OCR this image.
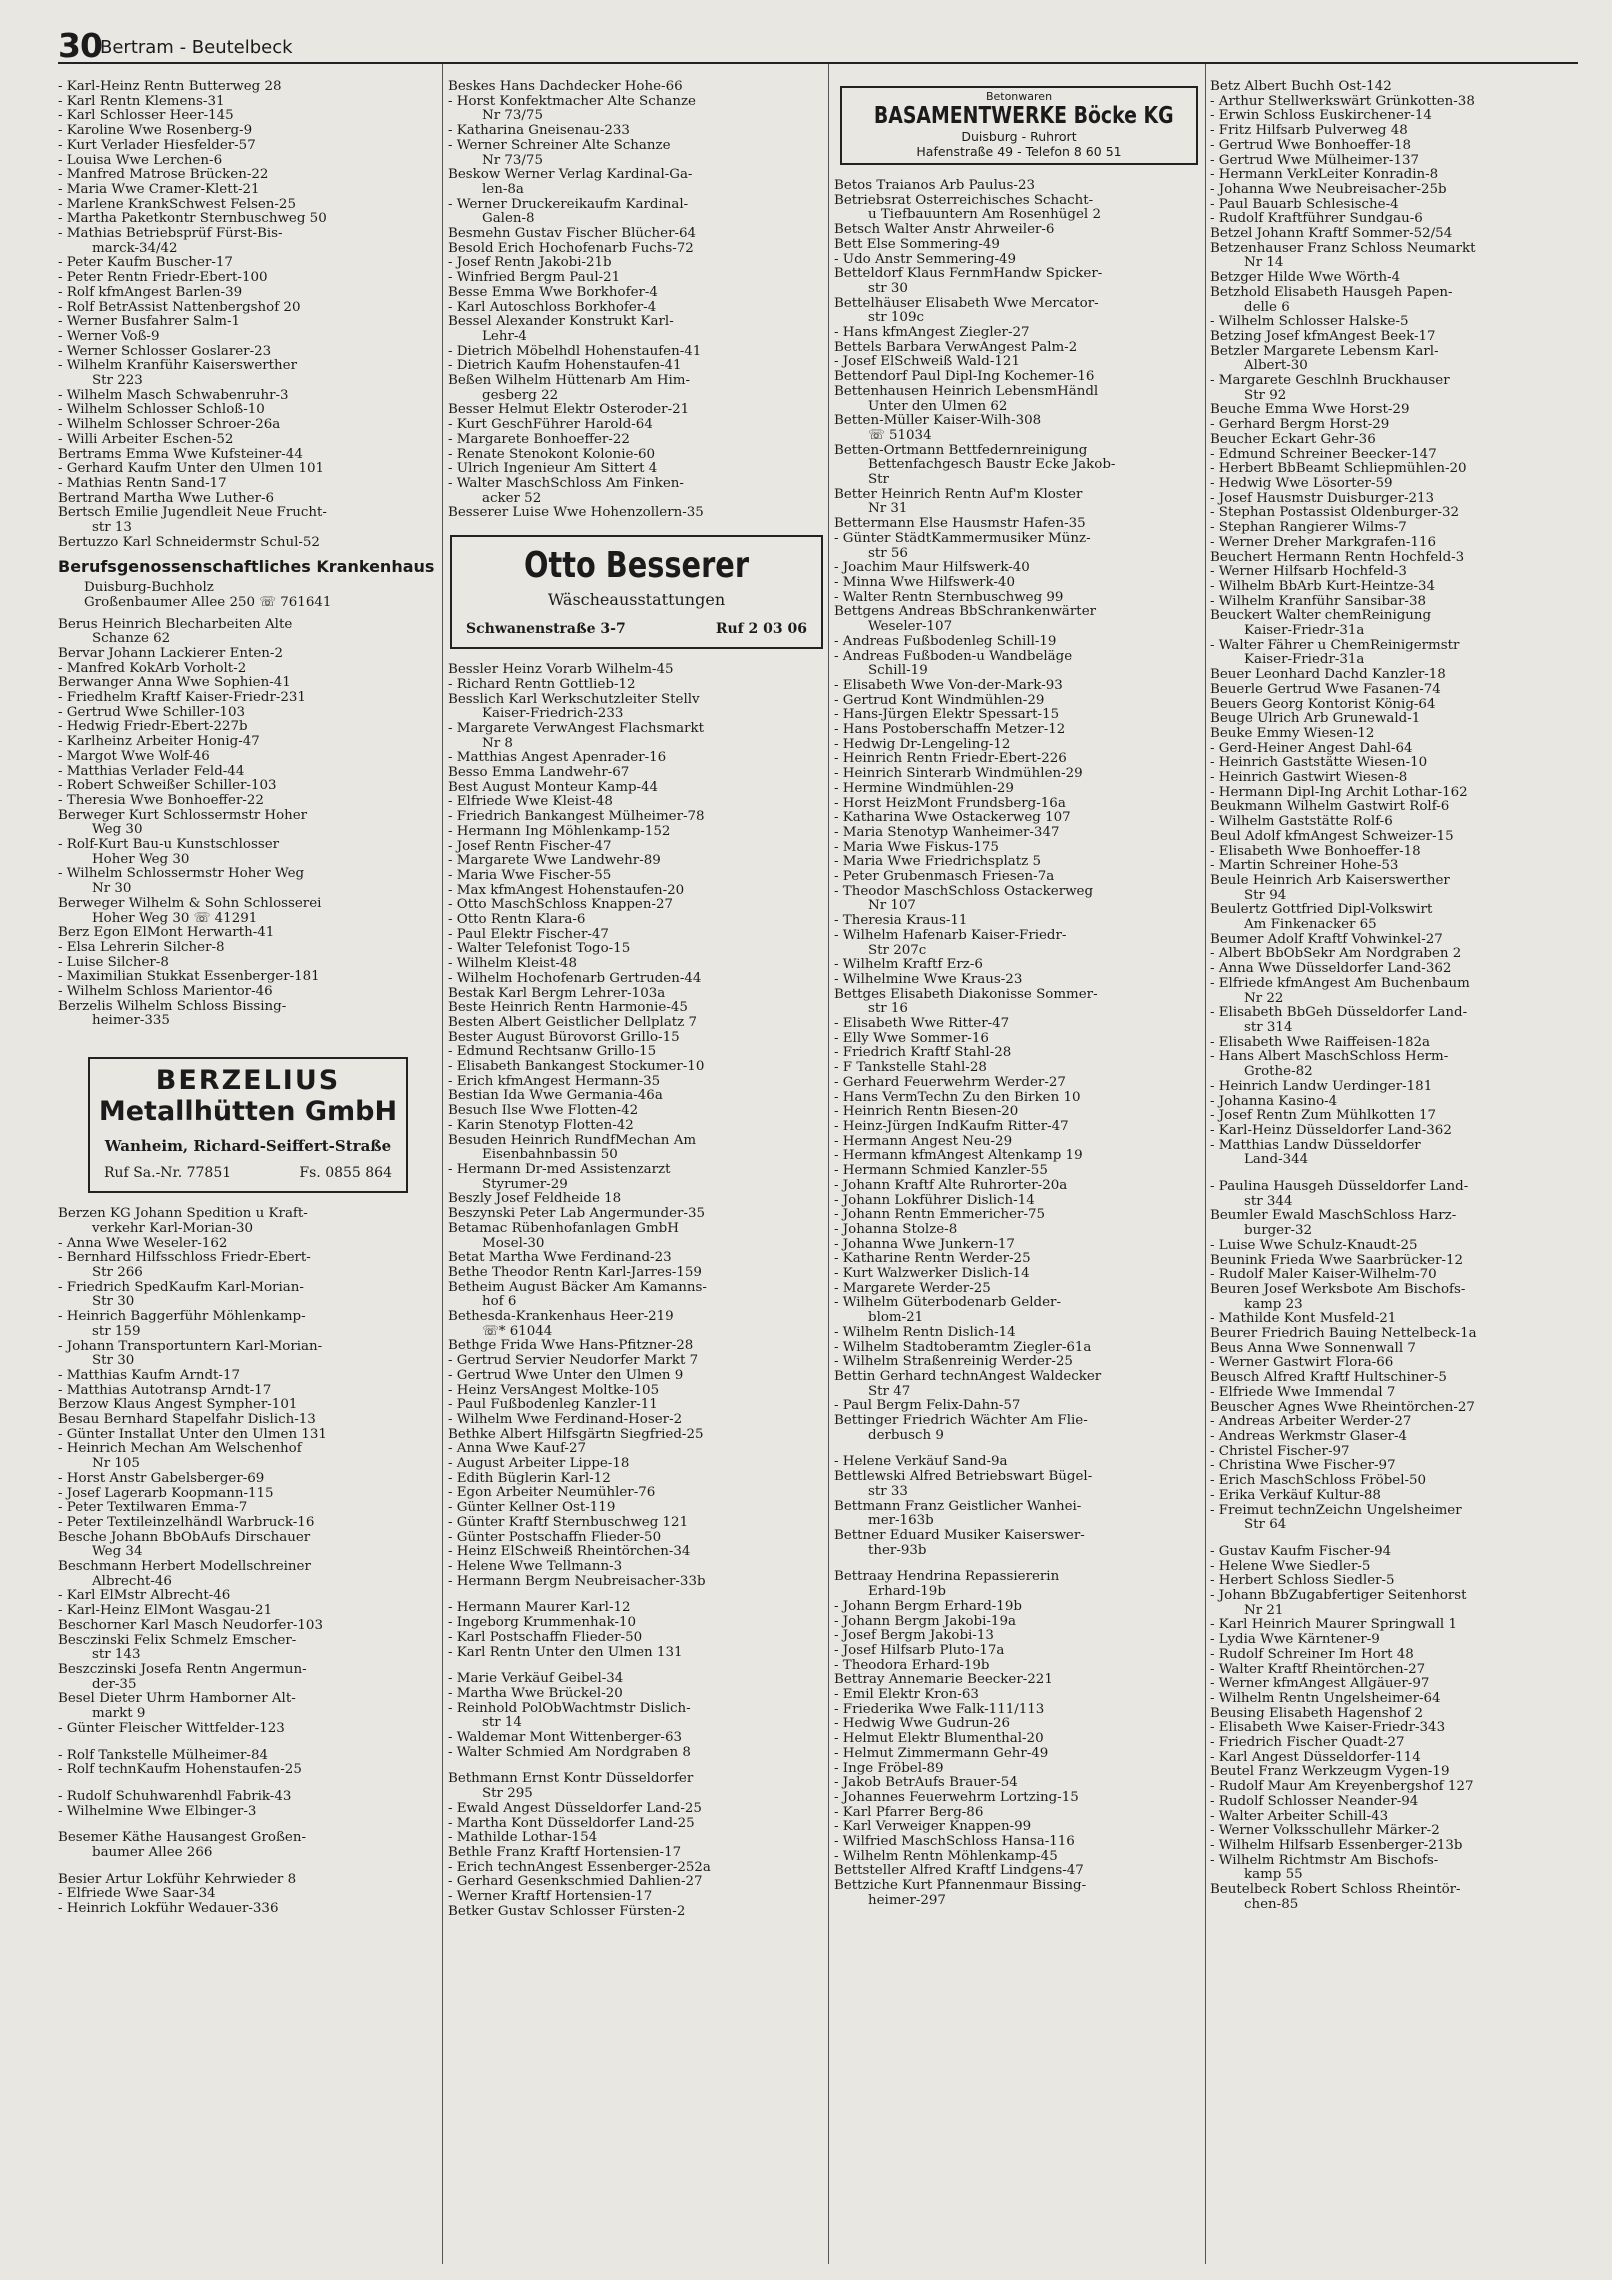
30
Bertram - Beutelbeck
- Karl-Heinz Rentn Butterweg 28
- Karl Rentn Klemens-31
- Karl Schlosser Heer-145
- Karoline Wwe Rosenberg-9
- Kurt Verlader Hiesfelder-57
- Louisa Wwe Lerchen-6
- Manfred Matrose Brücken-22
- Maria Wwe Cramer-Klett-21
- Marlene KrankSchwest Felsen-25
- Martha Paketkontr Sternbuschweg 50
- Mathias Betriebsprüf Fürst-Bis-
marck-34/42
- Peter Kaufm Buscher-17
- Peter Rentn Friedr-Ebert-100
- Rolf kfmAngest Barlen-39
- Rolf BetrAssist Nattenbergshof 20
- Werner Busfahrer Salm-1
- Werner Voß-9
- Werner Schlosser Goslarer-23
- Wilhelm Kranführ Kaiserswerther
Str 223
- Wilhelm Masch Schwabenruhr-3
- Wilhelm Schlosser Schloß-10
- Wilhelm Schlosser Schroer-26a
- Willi Arbeiter Eschen-52
Bertrams Emma Wwe Kufsteiner-44
- Gerhard Kaufm Unter den Ulmen 101
- Mathias Rentn Sand-17
Bertrand Martha Wwe Luther-6
Bertsch Emilie Jugendleit Neue Frucht-
str 13
Bertuzzo Karl Schneidermstr Schul-52
Berufsgenossenschaftliches Krankenhaus
Duisburg-Buchholz
Großenbaumer Allee 250 ☏ 761641
Berus Heinrich Blecharbeiten Alte
Schanze 62
Bervar Johann Lackierer Enten-2
- Manfred KokArb Vorholt-2
Berwanger Anna Wwe Sophien-41
- Friedhelm Kraftf Kaiser-Friedr-231
- Gertrud Wwe Schiller-103
- Hedwig Friedr-Ebert-227b
- Karlheinz Arbeiter Honig-47
- Margot Wwe Wolf-46
- Matthias Verlader Feld-44
- Robert Schweißer Schiller-103
- Theresia Wwe Bonhoeffer-22
Berweger Kurt Schlossermstr Hoher
Weg 30
- Rolf-Kurt Bau-u Kunstschlosser
Hoher Weg 30
- Wilhelm Schlossermstr Hoher Weg
Nr 30
Berweger Wilhelm & Sohn Schlosserei
Hoher Weg 30 ☏ 41291
Berz Egon ElMont Herwarth-41
- Elsa Lehrerin Silcher-8
- Luise Silcher-8
- Maximilian Stukkat Essenberger-181
- Wilhelm Schloss Marientor-46
Berzelis Wilhelm Schloss Bissing-
heimer-335
BERZELIUS
Metallhütten GmbH
Wanheim, Richard-Seiffert-Straße
Ruf Sa.-Nr. 77851	Fs. 0855 864
Berzen KG Johann Spedition u Kraft-
verkehr Karl-Morian-30
- Anna Wwe Weseler-162
- Bernhard Hilfsschloss Friedr-Ebert-
Str 266
- Friedrich SpedKaufm Karl-Morian-
Str 30
- Heinrich Baggerführ Möhlenkamp-
str 159
- Johann Transportuntern Karl-Morian-
Str 30
- Matthias Kaufm Arndt-17
- Matthias Autotransp Arndt-17
Berzow Klaus Angest Sympher-101
Besau Bernhard Stapelfahr Dislich-13
- Günter Installat Unter den Ulmen 131
- Heinrich Mechan Am Welschenhof
Nr 105
- Horst Anstr Gabelsberger-69
- Josef Lagerarb Koopmann-115
- Peter Textilwaren Emma-7
- Peter Textileinzelhändl Warbruck-16
Besche Johann BbObAufs Dirschauer
Weg 34
Beschmann Herbert Modellschreiner
Albrecht-46
- Karl ElMstr Albrecht-46
- Karl-Heinz ElMont Wasgau-21
Beschorner Karl Masch Neudorfer-103
Besczinski Felix Schmelz Emscher-
str 143
Beszczinski Josefa Rentn Angermun-
der-35
Besel Dieter Uhrm Hamborner Alt-
markt 9
- Günter Fleischer Wittfelder-123
- Rolf Tankstelle Mülheimer-84
- Rolf technKaufm Hohenstaufen-25
- Rudolf Schuhwarenhdl Fabrik-43
- Wilhelmine Wwe Elbinger-3
Besemer Käthe Hausangest Großen-
baumer Allee 266
Besier Artur Lokführ Kehrwieder 8
- Elfriede Wwe Saar-34
- Heinrich Lokführ Wedauer-336
Beskes Hans Dachdecker Hohe-66
- Horst Konfektmacher Alte Schanze
Nr 73/75
- Katharina Gneisenau-233
- Werner Schreiner Alte Schanze
Nr 73/75
Beskow Werner Verlag Kardinal-Ga-
len-8a
- Werner Druckereikaufm Kardinal-
Galen-8
Besmehn Gustav Fischer Blücher-64
Besold Erich Hochofenarb Fuchs-72
- Josef Rentn Jakobi-21b
- Winfried Bergm Paul-21
Besse Emma Wwe Borkhofer-4
- Karl Autoschloss Borkhofer-4
Bessel Alexander Konstrukt Karl-
Lehr-4
- Dietrich Möbelhdl Hohenstaufen-41
- Dietrich Kaufm Hohenstaufen-41
Beßen Wilhelm Hüttenarb Am Him-
gesberg 22
Besser Helmut Elektr Osteroder-21
- Kurt GeschFührer Harold-64
- Margarete Bonhoeffer-22
- Renate Stenokont Kolonie-60
- Ulrich Ingenieur Am Sittert 4
- Walter MaschSchloss Am Finken-
acker 52
Besserer Luise Wwe Hohenzollern-35
Otto Besserer
Wäscheausstattungen
Schwanenstraße 3-7	Ruf 2 03 06
Bessler Heinz Vorarb Wilhelm-45
- Richard Rentn Gottlieb-12
Besslich Karl Werkschutzleiter Stellv
Kaiser-Friedrich-233
- Margarete VerwAngest Flachsmarkt
Nr 8
- Matthias Angest Apenrader-16
Besso Emma Landwehr-67
Best August Monteur Kamp-44
- Elfriede Wwe Kleist-48
- Friedrich Bankangest Mülheimer-78
- Hermann Ing Möhlenkamp-152
- Josef Rentn Fischer-47
- Margarete Wwe Landwehr-89
- Maria Wwe Fischer-55
- Max kfmAngest Hohenstaufen-20
- Otto MaschSchloss Knappen-27
- Otto Rentn Klara-6
- Paul Elektr Fischer-47
- Walter Telefonist Togo-15
- Wilhelm Kleist-48
- Wilhelm Hochofenarb Gertruden-44
Bestak Karl Bergm Lehrer-103a
Beste Heinrich Rentn Harmonie-45
Besten Albert Geistlicher Dellplatz 7
Bester August Bürovorst Grillo-15
- Edmund Rechtsanw Grillo-15
- Elisabeth Bankangest Stockumer-10
- Erich kfmAngest Hermann-35
Bestian Ida Wwe Germania-46a
Besuch Ilse Wwe Flotten-42
- Karin Stenotyp Flotten-42
Besuden Heinrich RundfMechan Am
Eisenbahnbassin 50
- Hermann Dr-med Assistenzarzt
Styrumer-29
Beszly Josef Feldheide 18
Beszynski Peter Lab Angermunder-35
Betamac Rübenhofanlagen GmbH
Mosel-30
Betat Martha Wwe Ferdinand-23
Bethe Theodor Rentn Karl-Jarres-159
Betheim August Bäcker Am Kamanns-
hof 6
Bethesda-Krankenhaus Heer-219
☏* 61044
Bethge Frida Wwe Hans-Pfitzner-28
- Gertrud Servier Neudorfer Markt 7
- Gertrud Wwe Unter den Ulmen 9
- Heinz VersAngest Moltke-105
- Paul Fußbodenleg Kanzler-11
- Wilhelm Wwe Ferdinand-Hoser-2
Bethke Albert Hilfsgärtn Siegfried-25
- Anna Wwe Kauf-27
- August Arbeiter Lippe-18
- Edith Büglerin Karl-12
- Egon Arbeiter Neumühler-76
- Günter Kellner Ost-119
- Günter Kraftf Sternbuschweg 121
- Günter Postschaffn Flieder-50
- Heinz ElSchweiß Rheintörchen-34
- Helene Wwe Tellmann-3
- Hermann Bergm Neubreisacher-33b
- Hermann Maurer Karl-12
- Ingeborg Krummenhak-10
- Karl Postschaffn Flieder-50
- Karl Rentn Unter den Ulmen 131
- Marie Verkäuf Geibel-34
- Martha Wwe Brückel-20
- Reinhold PolObWachtmstr Dislich-
str 14
- Waldemar Mont Wittenberger-63
- Walter Schmied Am Nordgraben 8
Bethmann Ernst Kontr Düsseldorfer
Str 295
- Ewald Angest Düsseldorfer Land-25
- Martha Kont Düsseldorfer Land-25
- Mathilde Lothar-154
Bethle Franz Kraftf Hortensien-17
- Erich technAngest Essenberger-252a
- Gerhard Gesenkschmied Dahlien-27
- Werner Kraftf Hortensien-17
Betker Gustav Schlosser Fürsten-2
Betonwaren
BASAMENTWERKE Böcke KG
Duisburg - Ruhrort
Hafenstraße 49 - Telefon 8 60 51
Betos Traianos Arb Paulus-23
Betriebsrat Österreichisches Schacht-
u Tiefbauuntern Am Rosenhügel 2
Betsch Walter Anstr Ahrweiler-6
Bett Else Sommering-49
- Udo Anstr Semmering-49
Betteldorf Klaus FernmHandw Spicker-
str 30
Bettelhäuser Elisabeth Wwe Mercator-
str 109c
- Hans kfmAngest Ziegler-27
Bettels Barbara VerwAngest Palm-2
- Josef ElSchweiß Wald-121
Bettendorf Paul Dipl-Ing Kochemer-16
Bettenhausen Heinrich LebensmHändl
Unter den Ulmen 62
Betten-Müller Kaiser-Wilh-308
☏ 51034
Betten-Ortmann Bettfedernreinigung
Bettenfachgesch Baustr Ecke Jakob-
Str
Better Heinrich Rentn Auf'm Kloster
Nr 31
Bettermann Else Hausmstr Hafen-35
- Günter StädtKammermusiker Münz-
str 56
- Joachim Maur Hilfswerk-40
- Minna Wwe Hilfswerk-40
- Walter Rentn Sternbuschweg 99
Bettgens Andreas BbSchrankenwärter
Weseler-107
- Andreas Fußbodenleg Schill-19
- Andreas Fußboden-u Wandbeläge
Schill-19
- Elisabeth Wwe Von-der-Mark-93
- Gertrud Kont Windmühlen-29
- Hans-Jürgen Elektr Spessart-15
- Hans Postoberschaffn Metzer-12
- Hedwig Dr-Lengeling-12
- Heinrich Rentn Friedr-Ebert-226
- Heinrich Sinterarb Windmühlen-29
- Hermine Windmühlen-29
- Horst HeizMont Frundsberg-16a
- Katharina Wwe Ostackerweg 107
- Maria Stenotyp Wanheimer-347
- Maria Wwe Fiskus-175
- Maria Wwe Friedrichsplatz 5
- Peter Grubenmasch Friesen-7a
- Theodor MaschSchloss Ostackerweg
Nr 107
- Theresia Kraus-11
- Wilhelm Hafenarb Kaiser-Friedr-
Str 207c
- Wilhelm Kraftf Erz-6
- Wilhelmine Wwe Kraus-23
Bettges Elisabeth Diakonisse Sommer-
str 16
- Elisabeth Wwe Ritter-47
- Elly Wwe Sommer-16
- Friedrich Kraftf Stahl-28
- F Tankstelle Stahl-28
- Gerhard Feuerwehrm Werder-27
- Hans VermTechn Zu den Birken 10
- Heinrich Rentn Biesen-20
- Heinz-Jürgen IndKaufm Ritter-47
- Hermann Angest Neu-29
- Hermann kfmAngest Altenkamp 19
- Hermann Schmied Kanzler-55
- Johann Kraftf Alte Ruhrorter-20a
- Johann Lokführer Dislich-14
- Johann Rentn Emmericher-75
- Johanna Stolze-8
- Johanna Wwe Junkern-17
- Katharine Rentn Werder-25
- Kurt Walzwerker Dislich-14
- Margarete Werder-25
- Wilhelm Güterbodenarb Gelder-
blom-21
- Wilhelm Rentn Dislich-14
- Wilhelm Stadtoberamtm Ziegler-61a
- Wilhelm Straßenreinig Werder-25
Bettin Gerhard technAngest Waldecker
Str 47
- Paul Bergm Felix-Dahn-57
Bettinger Friedrich Wächter Am Flie-
derbusch 9
- Helene Verkäuf Sand-9a
Bettlewski Alfred Betriebswart Bügel-
str 33
Bettmann Franz Geistlicher Wanhei-
mer-163b
Bettner Eduard Musiker Kaiserswer-
ther-93b
Bettraay Hendrina Repassiererin
Erhard-19b
- Johann Bergm Erhard-19b
- Johann Bergm Jakobi-19a
- Josef Bergm Jakobi-13
- Josef Hilfsarb Pluto-17a
- Theodora Erhard-19b
Bettray Annemarie Beecker-221
- Emil Elektr Kron-63
- Friederika Wwe Falk-111/113
- Hedwig Wwe Gudrun-26
- Helmut Elektr Blumenthal-20
- Helmut Zimmermann Gehr-49
- Inge Fröbel-89
- Jakob BetrAufs Brauer-54
- Johannes Feuerwehrm Lortzing-15
- Karl Pfarrer Berg-86
- Karl Verweiger Knappen-99
- Wilfried MaschSchloss Hansa-116
- Wilhelm Rentn Möhlenkamp-45
Bettsteller Alfred Kraftf Lindgens-47
Bettziche Kurt Pfannenmaur Bissing-
heimer-297
Betz Albert Buchh Ost-142
- Arthur Stellwerkswärt Grünkotten-38
- Erwin Schloss Euskirchener-14
- Fritz Hilfsarb Pulverweg 48
- Gertrud Wwe Bonhoeffer-18
- Gertrud Wwe Mülheimer-137
- Hermann VerkLeiter Konradin-8
- Johanna Wwe Neubreisacher-25b
- Paul Bauarb Schlesische-4
- Rudolf Kraftführer Sundgau-6
Betzel Johann Kraftf Sommer-52/54
Betzenhauser Franz Schloss Neumarkt
Nr 14
Betzger Hilde Wwe Wörth-4
Betzhold Elisabeth Hausgeh Papen-
delle 6
- Wilhelm Schlosser Halske-5
Betzing Josef kfmAngest Beek-17
Betzler Margarete Lebensm Karl-
Albert-30
- Margarete Geschlnh Bruckhauser
Str 92
Beuche Emma Wwe Horst-29
- Gerhard Bergm Horst-29
Beucher Eckart Gehr-36
- Edmund Schreiner Beecker-147
- Herbert BbBeamt Schliepmühlen-20
- Hedwig Wwe Lösorter-59
- Josef Hausmstr Duisburger-213
- Stephan Postassist Oldenburger-32
- Stephan Rangierer Wilms-7
- Werner Dreher Markgrafen-116
Beuchert Hermann Rentn Hochfeld-3
- Werner Hilfsarb Hochfeld-3
- Wilhelm BbArb Kurt-Heintze-34
- Wilhelm Kranführ Sansibar-38
Beuckert Walter chemReinigung
Kaiser-Friedr-31a
- Walter Fährer u ChemReinigermstr
Kaiser-Friedr-31a
Beuer Leonhard Dachd Kanzler-18
Beuerle Gertrud Wwe Fasanen-74
Beuers Georg Kontorist König-64
Beuge Ulrich Arb Grunewald-1
Beuke Emmy Wiesen-12
- Gerd-Heiner Angest Dahl-64
- Heinrich Gaststätte Wiesen-10
- Heinrich Gastwirt Wiesen-8
- Hermann Dipl-Ing Archit Lothar-162
Beukmann Wilhelm Gastwirt Rolf-6
- Wilhelm Gaststätte Rolf-6
Beul Adolf kfmAngest Schweizer-15
- Elisabeth Wwe Bonhoeffer-18
- Martin Schreiner Hohe-53
Beule Heinrich Arb Kaiserswerther
Str 94
Beulertz Gottfried Dipl-Volkswirt
Am Finkenacker 65
Beumer Adolf Kraftf Vohwinkel-27
- Albert BbObSekr Am Nordgraben 2
- Anna Wwe Düsseldorfer Land-362
- Elfriede kfmAngest Am Buchenbaum
Nr 22
- Elisabeth BbGeh Düsseldorfer Land-
str 314
- Elisabeth Wwe Raiffeisen-182a
- Hans Albert MaschSchloss Herm-
Grothe-82
- Heinrich Landw Uerdinger-181
- Johanna Kasino-4
- Josef Rentn Zum Mühlkotten 17
- Karl-Heinz Düsseldorfer Land-362
- Matthias Landw Düsseldorfer
Land-344
- Paulina Hausgeh Düsseldorfer Land-
str 344
Beumler Ewald MaschSchloss Harz-
burger-32
- Luise Wwe Schulz-Knaudt-25
Beunink Frieda Wwe Saarbrücker-12
- Rudolf Maler Kaiser-Wilhelm-70
Beuren Josef Werksbote Am Bischofs-
kamp 23
- Mathilde Kont Musfeld-21
Beurer Friedrich Bauing Nettelbeck-1a
Beus Anna Wwe Sonnenwall 7
- Werner Gastwirt Flora-66
Beusch Alfred Kraftf Hultschiner-5
- Elfriede Wwe Immendal 7
Beuscher Agnes Wwe Rheintörchen-27
- Andreas Arbeiter Werder-27
- Andreas Werkmstr Glaser-4
- Christel Fischer-97
- Christina Wwe Fischer-97
- Erich MaschSchloss Fröbel-50
- Erika Verkäuf Kultur-88
- Freimut technZeichn Ungelsheimer
Str 64
- Gustav Kaufm Fischer-94
- Helene Wwe Siedler-5
- Herbert Schloss Siedler-5
- Johann BbZugabfertiger Seitenhorst
Nr 21
- Karl Heinrich Maurer Springwall 1
- Lydia Wwe Kärntener-9
- Rudolf Schreiner Im Hort 48
- Walter Kraftf Rheintörchen-27
- Werner kfmAngest Allgäuer-97
- Wilhelm Rentn Ungelsheimer-64
Beusing Elisabeth Hagenshof 2
- Elisabeth Wwe Kaiser-Friedr-343
- Friedrich Fischer Quadt-27
- Karl Angest Düsseldorfer-114
Beutel Franz Werkzeugm Vygen-19
- Rudolf Maur Am Kreyenbergshof 127
- Rudolf Schlosser Neander-94
- Walter Arbeiter Schill-43
- Werner Volksschullehr Märker-2
- Wilhelm Hilfsarb Essenberger-213b
- Wilhelm Richtmstr Am Bischofs-
kamp 55
Beutelbeck Robert Schloss Rheintör-
chen-85
